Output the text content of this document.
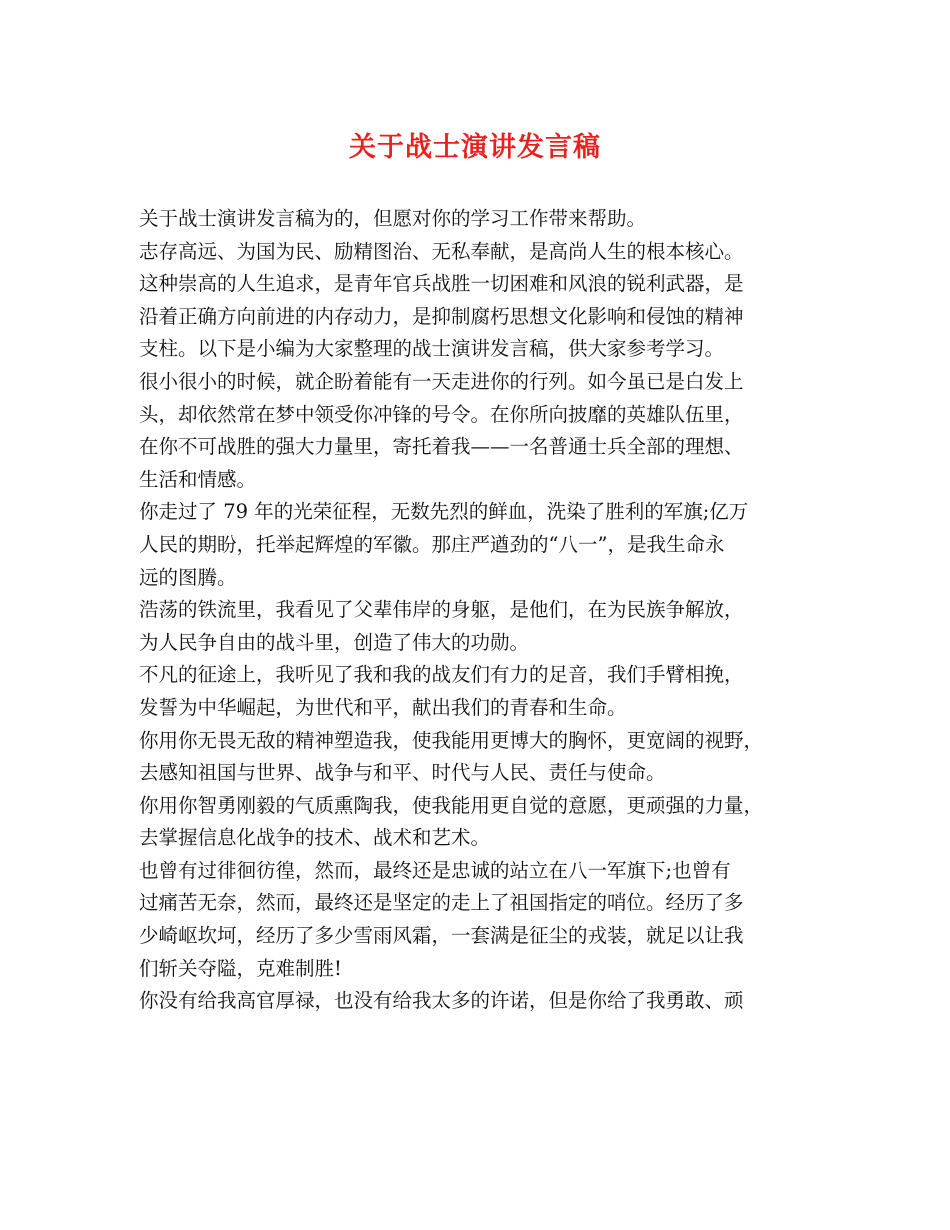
关于战士演讲发言稿
关于战士演讲发言稿为的，但愿对你的学习工作带来帮助。
志存高远、为国为民、励精图治、无私奉献，是高尚人生的根本核心。
这种崇高的人生追求，是青年官兵战胜一切困难和风浪的锐利武器，是
沿着正确方向前进的内存动力，是抑制腐朽思想文化影响和侵蚀的精神
支柱。以下是小编为大家整理的战士演讲发言稿，供大家参考学习。
很小很小的时候，就企盼着能有一天走进你的行列。如今虽已是白发上
头，却依然常在梦中领受你冲锋的号令。在你所向披靡的英雄队伍里，
在你不可战胜的强大力量里，寄托着我——一名普通士兵全部的理想、
生活和情感。
你走过了 79 年的光荣征程，无数先烈的鲜血，洗染了胜利的军旗;亿万
人民的期盼，托举起辉煌的军徽。那庄严遒劲的“八一”，是我生命永
远的图腾。
浩荡的铁流里，我看见了父辈伟岸的身躯，是他们，在为民族争解放，
为人民争自由的战斗里，创造了伟大的功勋。
不凡的征途上，我听见了我和我的战友们有力的足音，我们手臂相挽，
发誓为中华崛起，为世代和平，献出我们的青春和生命。
你用你无畏无敌的精神塑造我，使我能用更博大的胸怀，更宽阔的视野，
去感知祖国与世界、战争与和平、时代与人民、责任与使命。
你用你智勇刚毅的气质熏陶我，使我能用更自觉的意愿，更顽强的力量，
去掌握信息化战争的技术、战术和艺术。
也曾有过徘徊彷徨，然而，最终还是忠诚的站立在八一军旗下;也曾有
过痛苦无奈，然而，最终还是坚定的走上了祖国指定的哨位。经历了多
少崎岖坎坷，经历了多少雪雨风霜，一套满是征尘的戎装，就足以让我
们斩关夺隘，克难制胜!
你没有给我高官厚禄，也没有给我太多的许诺，但是你给了我勇敢、顽
